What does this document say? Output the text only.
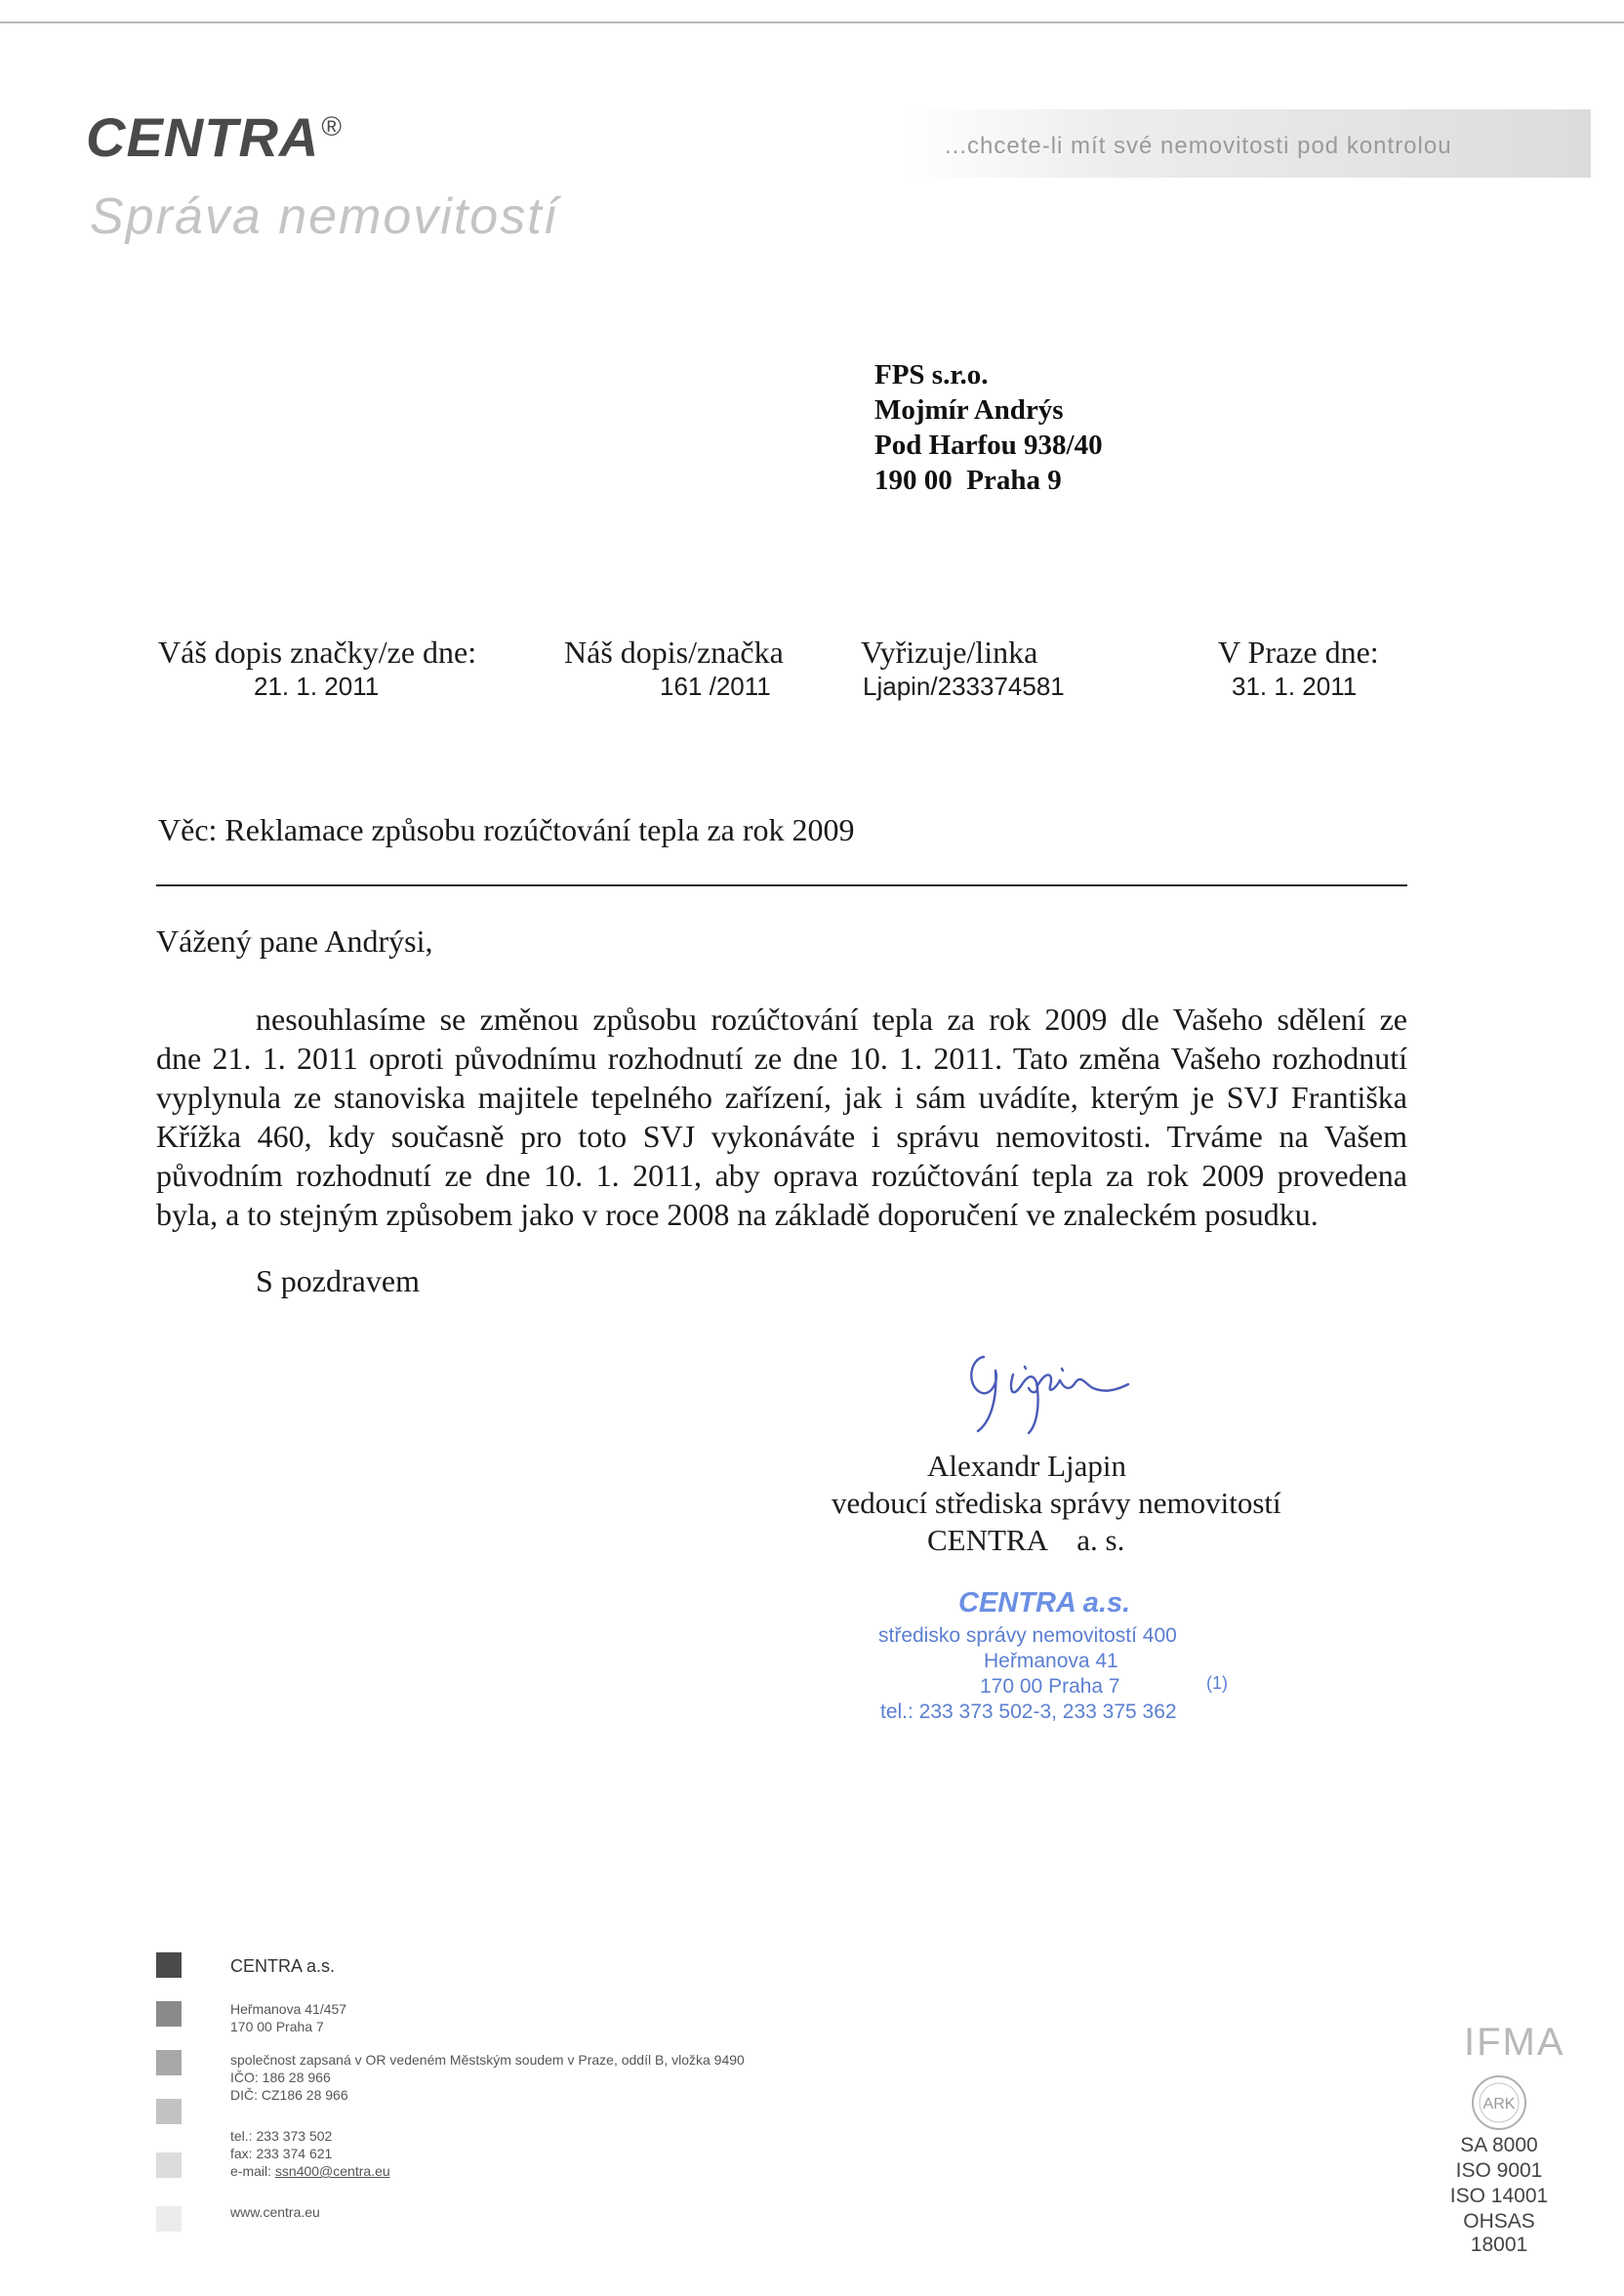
...chcete-li mít své nemovitosti pod kontrolou
CENTRA®
Správa nemovitostí
FPS s.r.o.
Mojmír Andrýs
Pod Harfou 938/40
190 00  Praha 9
Váš dopis značky/ze dne:
21. 1. 2011
Náš dopis/značka
161 /2011
Vyřizuje/linka
Ljapin/233374581
V Praze dne:
31. 1. 2011
Věc: Reklamace způsobu rozúčtování tepla za rok 2009
Vážený pane Andrýsi,
nesouhlasíme se změnou způsobu rozúčtování tepla za rok 2009 dle Vašeho sdělení ze
dne 21. 1. 2011 oproti původnímu rozhodnutí ze dne 10. 1. 2011. Tato změna Vašeho rozhodnutí
vyplynula ze stanoviska majitele tepelného zařízení, jak i sám uvádíte, kterým je SVJ Františka
Křížka 460, kdy současně pro toto SVJ vykonáváte i správu nemovitosti. Trváme na Vašem
původním rozhodnutí ze dne 10. 1. 2011, aby oprava rozúčtování tepla za rok 2009 provedena
byla, a to stejným způsobem jako v roce 2008 na základě doporučení ve znaleckém posudku.
S pozdravem
Alexandr Ljapin
vedoucí střediska správy nemovitostí
CENTRA    a. s.
CENTRA a.s.
středisko správy nemovitostí 400
Heřmanova 41
170 00 Praha 7	(1)
tel.: 233 373 502-3, 233 375 362
CENTRA a.s.
Heřmanova 41/457
170 00 Praha 7
společnost zapsaná v OR vedeném Městským soudem v Praze, oddíl B, vložka 9490
IČO: 186 28 966
DIČ: CZ186 28 966
tel.: 233 373 502
fax: 233 374 621
e-mail: ssn400@centra.eu
www.centra.eu
IFMA
ARK
SA 8000
ISO 9001
ISO 14001
OHSAS 18001
